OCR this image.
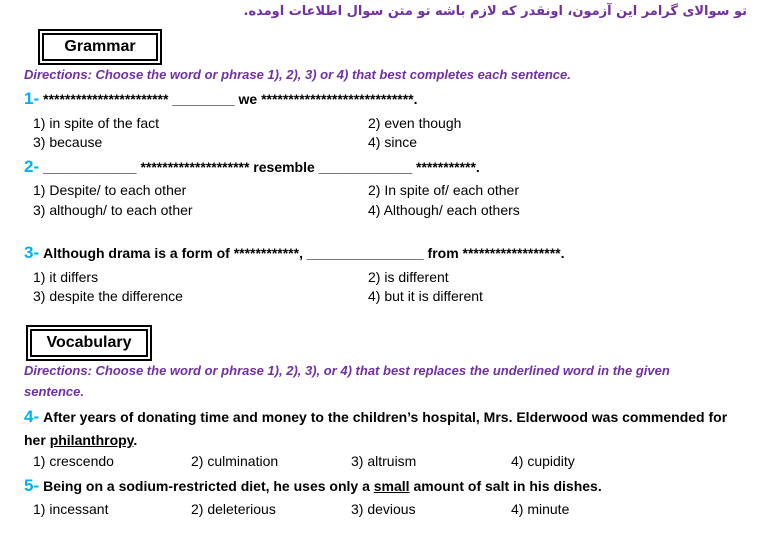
تو سوالای گرامر این آزمون، اونقدر که لازم باشه تو متن سوال اطلاعات اومده.
Grammar
Directions: Choose the word or phrase 1), 2), 3) or 4) that best completes each sentence.
1- *********************** ________ we ****************************.
1) in spite of the fact	2) even though
3) because	4) since
2- ____________ ******************** resemble ____________ ***********.
1) Despite/ to each other	2) In spite of/ each other
3) although/ to each other	4) Although/ each others
3- Although drama is a form of ************, _______________ from ******************.
1) it differs	2) is different
3) despite the difference	4) but it is different
Vocabulary
Directions: Choose the word or phrase 1), 2), 3), or 4) that best replaces the underlined word in the given
sentence.
4- After years of donating time and money to the children’s hospital, Mrs. Elderwood was commended for
her philanthropy.
1) crescendo	2) culmination	3) altruism	4) cupidity
5- Being on a sodium-restricted diet, he uses only a small amount of salt in his dishes.
1) incessant	2) deleterious	3) devious	4) minute
